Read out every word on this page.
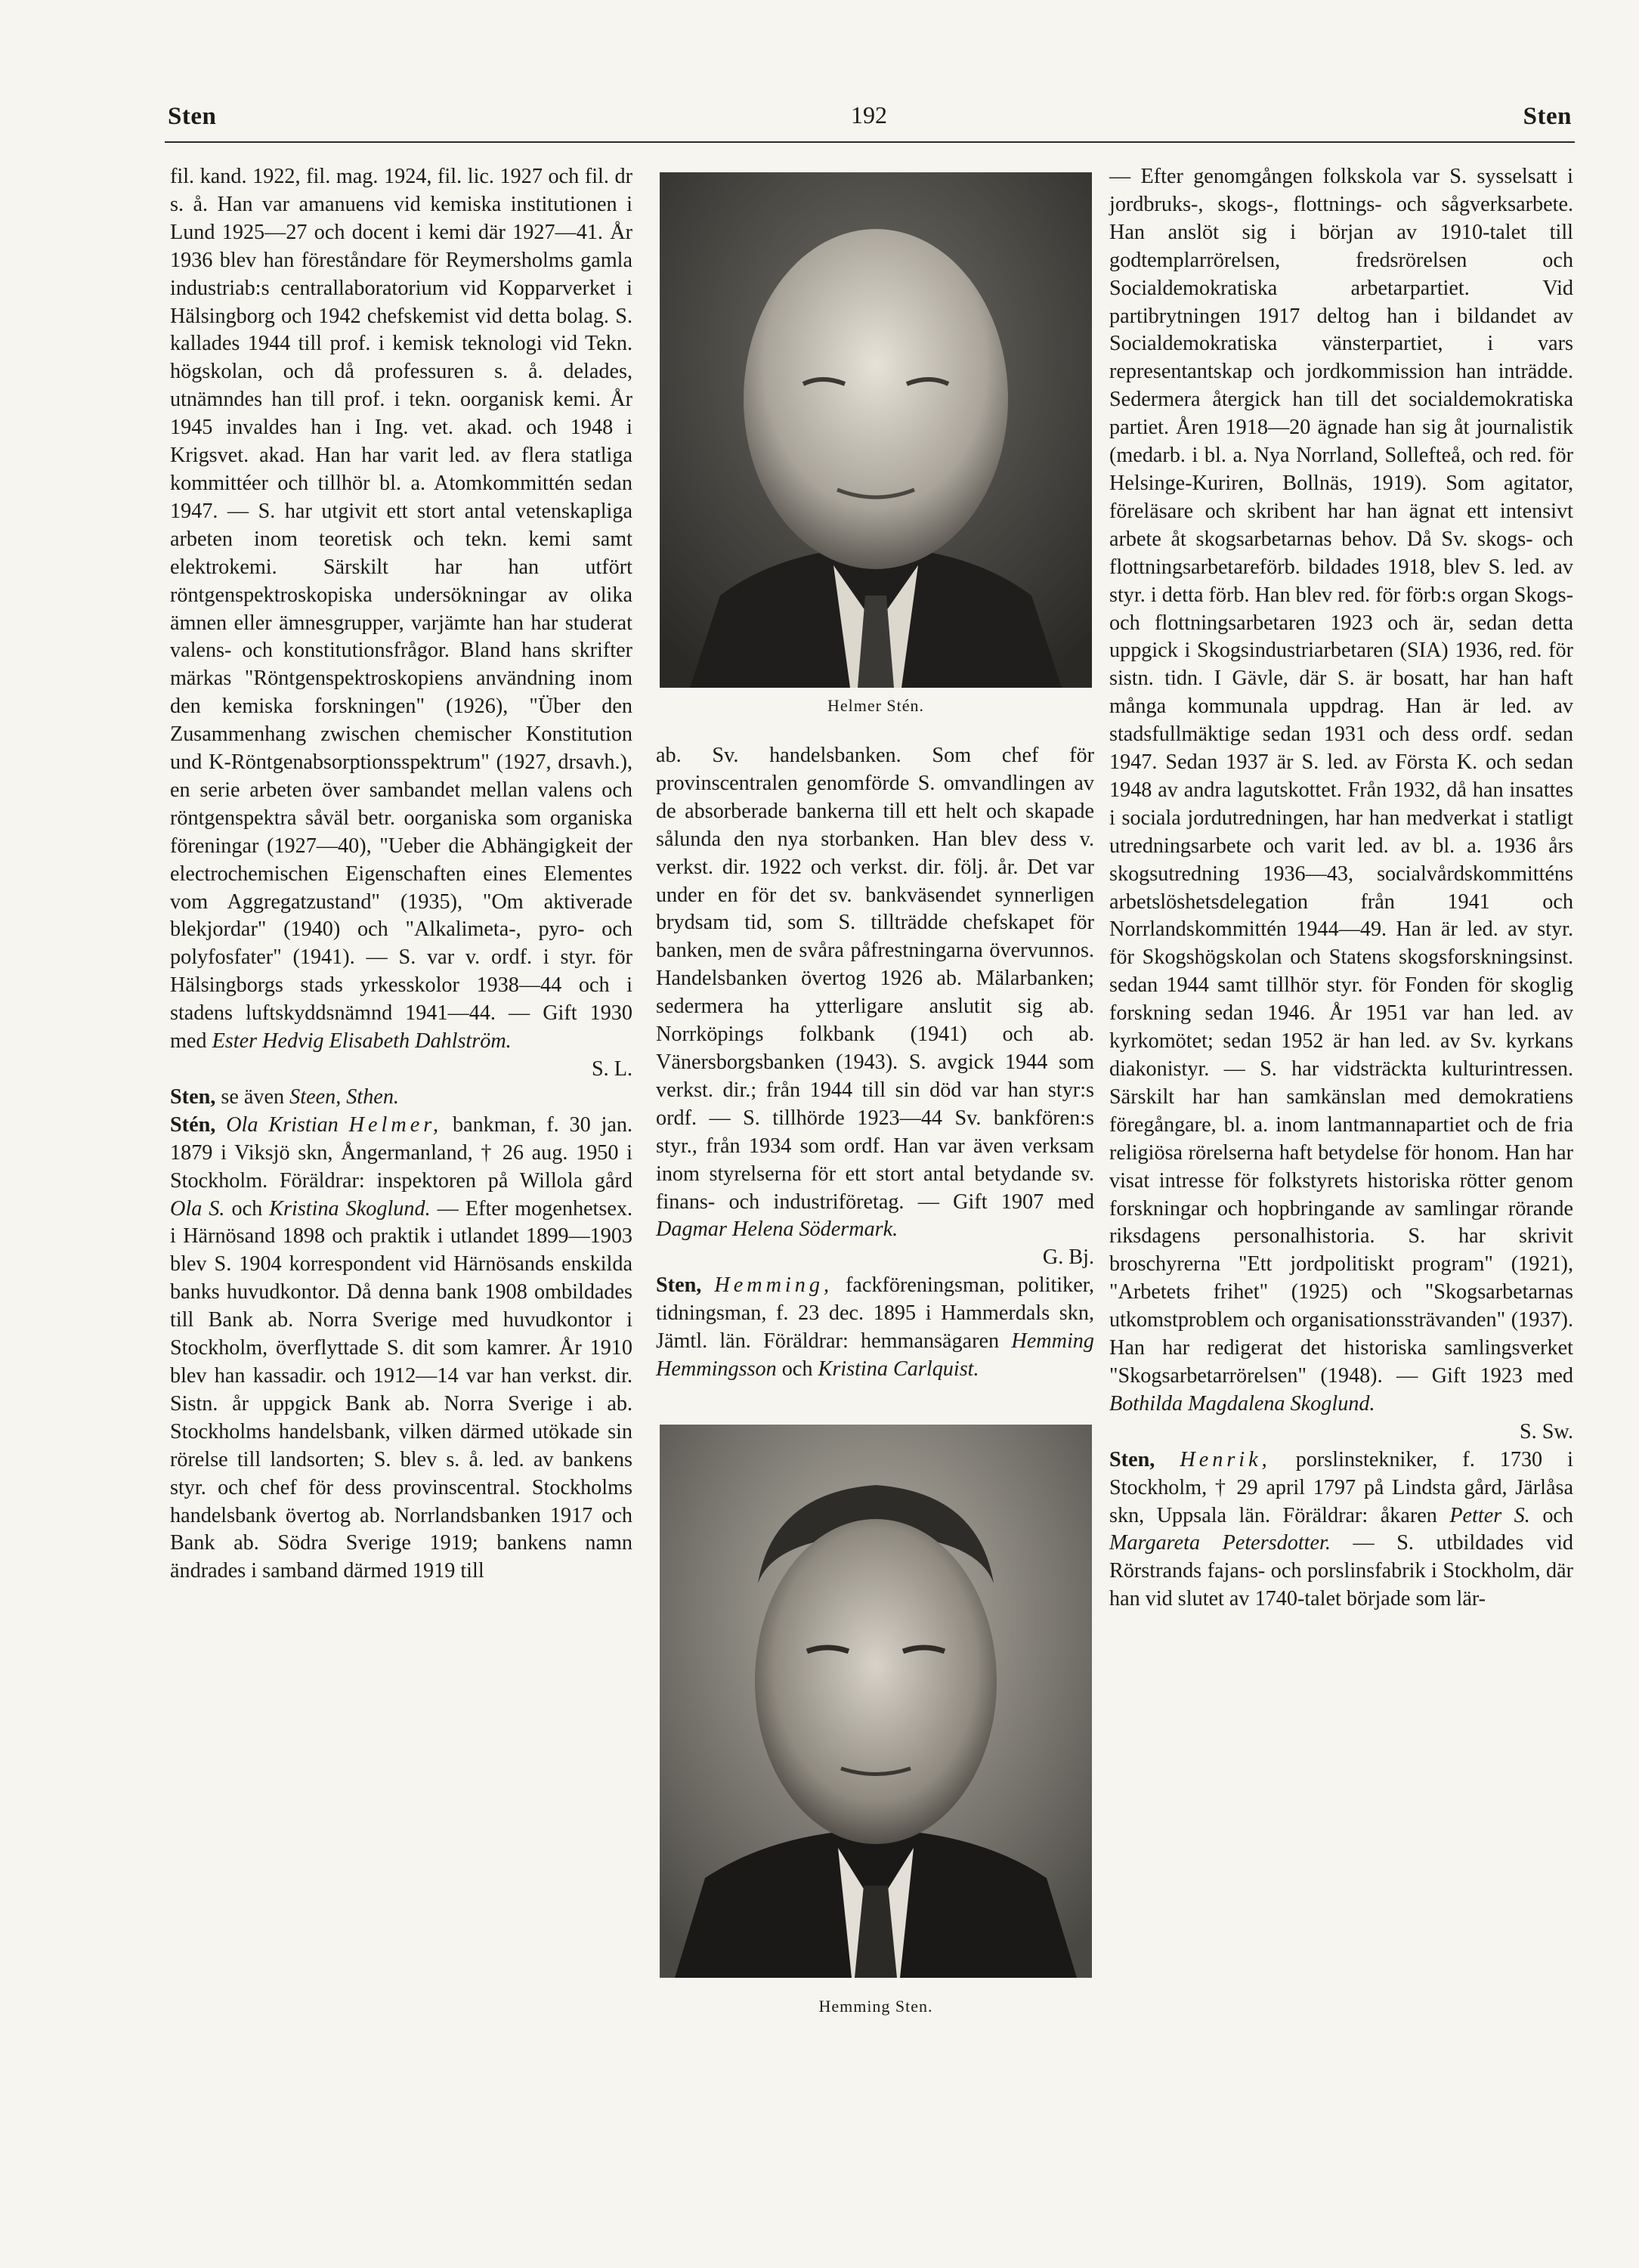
Sten	192	Sten

fil. kand. 1922, fil. mag. 1924, fil. lic. 1927 och fil. dr s. å. Han var amanuens vid kemiska institutionen i Lund 1925—27 och docent i kemi där 1927—41. År 1936 blev han föreståndare för Reymersholms gamla industriab:s centrallaboratorium vid Kopparverket i Hälsingborg och 1942 chefskemist vid detta bolag. S. kallades 1944 till prof. i kemisk teknologi vid Tekn. högskolan, och då professuren s. å. delades, utnämndes han till prof. i tekn. oorganisk kemi. År 1945 invaldes han i Ing. vet. akad. och 1948 i Krigsvet. akad. Han har varit led. av flera statliga kommittéer och tillhör bl. a. Atomkommittén sedan 1947. — S. har utgivit ett stort antal vetenskapliga arbeten inom teoretisk och tekn. kemi samt elektrokemi. Särskilt har han utfört röntgenspektroskopiska undersökningar av olika ämnen eller ämnesgrupper, varjämte han har studerat valens- och konstitutionsfrågor. Bland hans skrifter märkas "Röntgenspektroskopiens användning inom den kemiska forskningen" (1926), "Über den Zusammenhang zwischen chemischer Konstitution und K-Röntgenabsorptionsspektrum" (1927, drsavh.), en serie arbeten över sambandet mellan valens och röntgenspektra såväl betr. oorganiska som organiska föreningar (1927—40), "Ueber die Abhängigkeit der electrochemischen Eigenschaften eines Elementes vom Aggregatzustand" (1935), "Om aktiverade blekjordar" (1940) och "Alkalimeta-, pyro- och polyfosfater" (1941). — S. var v. ordf. i styr. för Hälsingborgs stads yrkesskolor 1938—44 och i stadens luftskyddsnämnd 1941—44. — Gift 1930 med Ester Hedvig Elisabeth Dahlström.
S. L.

Sten, se även Steen, Sthen.

Stén, Ola Kristian Helmer, bankman, f. 30 jan. 1879 i Viksjö skn, Ångermanland, † 26 aug. 1950 i Stockholm. Föräldrar: inspektoren på Willola gård Ola S. och Kristina Skoglund. — Efter mogenhetsex. i Härnösand 1898 och praktik i utlandet 1899—1903 blev S. 1904 korrespondent vid Härnösands enskilda banks huvudkontor. Då denna bank 1908 ombildades till Bank ab. Norra Sverige med huvudkontor i Stockholm, överflyttade S. dit som kamrer. År 1910 blev han kassadir. och 1912—14 var han verkst. dir. Sistn. år uppgick Bank ab. Norra Sverige i ab. Stockholms handelsbank, vilken därmed utökade sin rörelse till landsorten; S. blev s. å. led. av bankens styr. och chef för dess provinscentral. Stockholms handelsbank övertog ab. Norrlandsbanken 1917 och Bank ab. Södra Sverige 1919; bankens namn ändrades i samband därmed 1919 till

Helmer Stén.

ab. Sv. handelsbanken. Som chef för provinscentralen genomförde S. omvandlingen av de absorberade bankerna till ett helt och skapade sålunda den nya storbanken. Han blev dess v. verkst. dir. 1922 och verkst. dir. följ. år. Det var under en för det sv. bankväsendet synnerligen brydsam tid, som S. tillträdde chefskapet för banken, men de svåra påfrestningarna övervunnos. Handelsbanken övertog 1926 ab. Mälarbanken; sedermera ha ytterligare anslutit sig ab. Norrköpings folkbank (1941) och ab. Vänersborgsbanken (1943). S. avgick 1944 som verkst. dir.; från 1944 till sin död var han styr:s ordf. — S. tillhörde 1923—44 Sv. bankfören:s styr., från 1934 som ordf. Han var även verksam inom styrelserna för ett stort antal betydande sv. finans- och industriföretag. — Gift 1907 med Dagmar Helena Södermark.
G. Bj.

Sten, Hemming, fackföreningsman, politiker, tidningsman, f. 23 dec. 1895 i Hammerdals skn, Jämtl. län. Föräldrar: hemmansägaren Hemming Hemmingsson och Kristina Carlquist.

Hemming Sten.

— Efter genomgången folkskola var S. sysselsatt i jordbruks-, skogs-, flottnings- och sågverksarbete. Han anslöt sig i början av 1910-talet till godtemplarrörelsen, fredsrörelsen och Socialdemokratiska arbetarpartiet. Vid partibrytningen 1917 deltog han i bildandet av Socialdemokratiska vänsterpartiet, i vars representantskap och jordkommission han inträdde. Sedermera återgick han till det socialdemokratiska partiet. Åren 1918—20 ägnade han sig åt journalistik (medarb. i bl. a. Nya Norrland, Sollefteå, och red. för Helsinge-Kuriren, Bollnäs, 1919). Som agitator, föreläsare och skribent har han ägnat ett intensivt arbete åt skogsarbetarnas behov. Då Sv. skogs- och flottningsarbetareförb. bildades 1918, blev S. led. av styr. i detta förb. Han blev red. för förb:s organ Skogs- och flottningsarbetaren 1923 och är, sedan detta uppgick i Skogsindustriarbetaren (SIA) 1936, red. för sistn. tidn. I Gävle, där S. är bosatt, har han haft många kommunala uppdrag. Han är led. av stadsfullmäktige sedan 1931 och dess ordf. sedan 1947. Sedan 1937 är S. led. av Första K. och sedan 1948 av andra lagutskottet. Från 1932, då han insattes i sociala jordutredningen, har han medverkat i statligt utredningsarbete och varit led. av bl. a. 1936 års skogsutredning 1936—43, socialvårdskommitténs arbetslöshetsdelegation från 1941 och Norrlandskommittén 1944—49. Han är led. av styr. för Skogshögskolan och Statens skogsforskningsinst. sedan 1944 samt tillhör styr. för Fonden för skoglig forskning sedan 1946. År 1951 var han led. av kyrkomötet; sedan 1952 är han led. av Sv. kyrkans diakonistyr. — S. har vidsträckta kulturintressen. Särskilt har han samkänslan med demokratiens föregångare, bl. a. inom lantmannapartiet och de fria religiösa rörelserna haft betydelse för honom. Han har visat intresse för folkstyrets historiska rötter genom forskningar och hopbringande av samlingar rörande riksdagens personalhistoria. S. har skrivit broschyrerna "Ett jordpolitiskt program" (1921), "Arbetets frihet" (1925) och "Skogsarbetarnas utkomstproblem och organisationssträvanden" (1937). Han har redigerat det historiska samlingsverket "Skogsarbetarrörelsen" (1948). — Gift 1923 med Bothilda Magdalena Skoglund.
S. Sw.

Sten, Henrik, porslinstekniker, f. 1730 i Stockholm, † 29 april 1797 på Lindsta gård, Järlåsa skn, Uppsala län. Föräldrar: åkaren Petter S. och Margareta Petersdotter. — S. utbildades vid Rörstrands fajans- och porslinsfabrik i Stockholm, där han vid slutet av 1740-talet började som lär-
